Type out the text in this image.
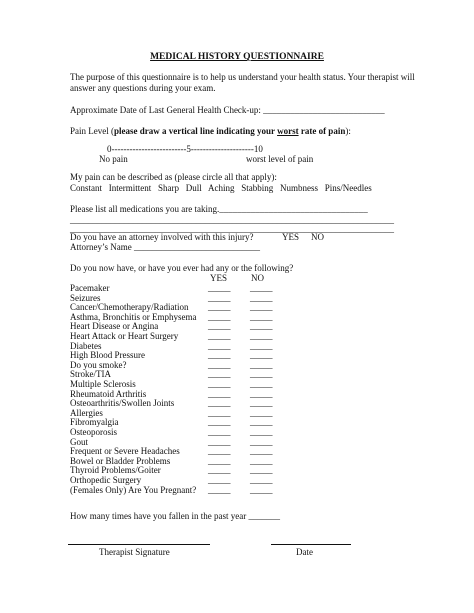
MEDICAL HISTORY QUESTIONNAIRE
The purpose of this questionnaire is to help us understand your health status. Your therapist will
answer any questions during your exam.
Approximate Date of Last General Health Check-up: ___________________________
Pain Level (please draw a vertical line indicating your worst rate of pain):
0-------------------------5---------------------10
No pain	worst level of pain
My pain can be described as (please circle all that apply):
Constant   Intermittent   Sharp   Dull   Aching   Stabbing   Numbness   Pins/Needles
Please list all medications you are taking._________________________________
________________________________________________________________________
________________________________________________________________________
Do you have an attorney involved with this injury?	YES NO
Attorney’s Name ____________________________
Do you now have, or have you ever had any or the following?
YES	NO
Pacemaker	_____ _____
Seizures	_____ _____
Cancer/Chemotherapy/Radiation _____ _____
Asthma, Bronchitis or Emphysema _____ _____
Heart Disease or Angina	_____ _____
Heart Attack or Heart Surgery	_____ _____
Diabetes	_____ _____
High Blood Pressure	_____ _____
Do you smoke?	_____ _____
Stroke/TIA	_____ _____
Multiple Sclerosis	_____ _____
Rheumatoid Arthritis	_____ _____
Osteoarthritis/Swollen Joints	_____ _____
Allergies	_____ _____
Fibromyalgia	_____ _____
Osteoporosis	_____ _____
Gout	_____ _____
Frequent or Severe Headaches	_____ _____
Bowel or Bladder Problems	_____ _____
Thyroid Problems/Goiter	_____ _____
Orthopedic Surgery	_____ _____
(Females Only) Are You Pregnant? _____ _____
How many times have you fallen in the past year _______
Therapist Signature	Date
